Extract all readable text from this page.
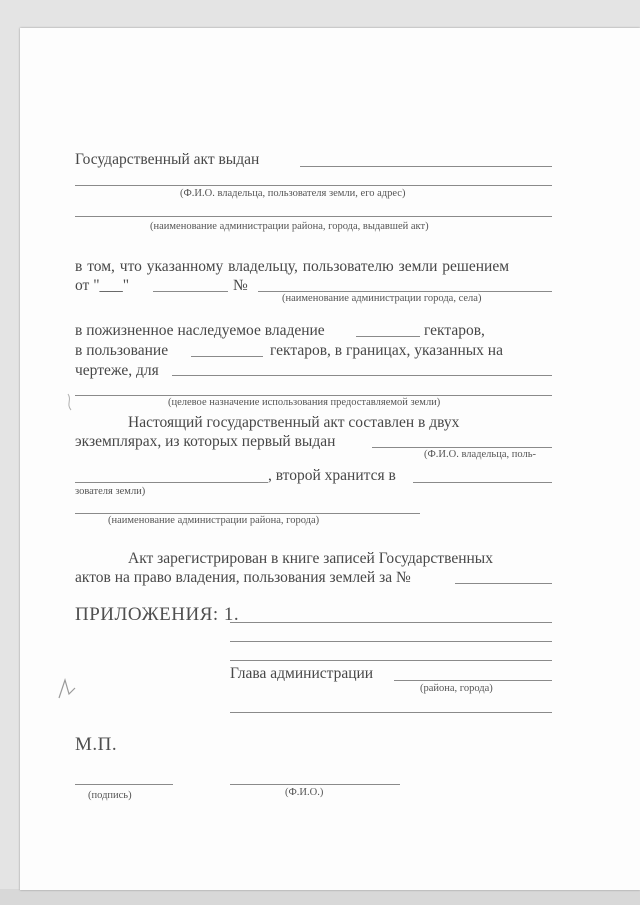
Государственный акт выдан
(Ф.И.О. владельца, пользователя земли, его адрес)
(наименование администрации района, города, выдавшей акт)
в том, что указанному владельцу, пользователю земли решением
от "___"	№
(наименование администрации города, села)
в пожизненное наследуемое владение	гектаров,
в пользование	гектаров, в границах, указанных на
чертеже, для
(целевое назначение использования предоставляемой земли)
Настоящий государственный акт составлен в двух
экземплярах, из которых первый выдан
(Ф.И.О. владельца, поль-
, второй хранится в
зователя земли)
(наименование администрации района, города)
Акт зарегистрирован в книге записей Государственных
актов на право владения, пользования землей за №
ПРИЛОЖЕНИЯ: 1.
Глава администрации
(района, города)
М.П.
(подпись)	(Ф.И.О.)
